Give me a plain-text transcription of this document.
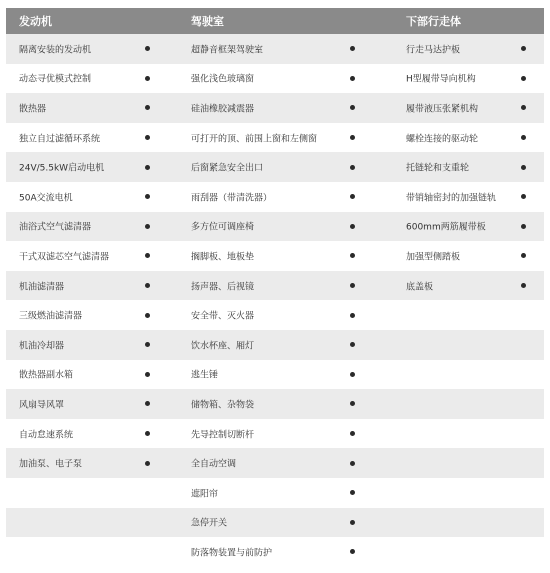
发动机	驾驶室	下部行走体

隔离安装的发动机	超静音框架驾驶室	行走马达护板

动态寻优模式控制	强化浅色玻璃窗	H型履带导向机构

散热器	硅油橡胶减震器	履带液压张紧机构

独立自过滤循环系统	可打开的顶、前围上窗和左侧窗	螺栓连接的驱动轮

24V/5.5kW启动电机	后窗紧急安全出口	托链轮和支重轮

50A交流电机	雨刮器（带清洗器）	带销轴密封的加强链轨

油浴式空气滤清器	多方位可调座椅	600mm两筋履带板

干式双滤芯空气滤清器	搁脚板、地板垫	加强型侧踏板

机油滤清器	扬声器、后视镜	底盖板

三级燃油滤清器	安全带、灭火器	

机油冷却器	饮水杯座、厢灯	

散热器副水箱	逃生锤	

风扇导风罩	储物箱、杂物袋	

自动怠速系统	先导控制切断杆	

加油泵、电子泵	全自动空调	

	遮阳帘	

	急停开关	

	防落物装置与前防护	
